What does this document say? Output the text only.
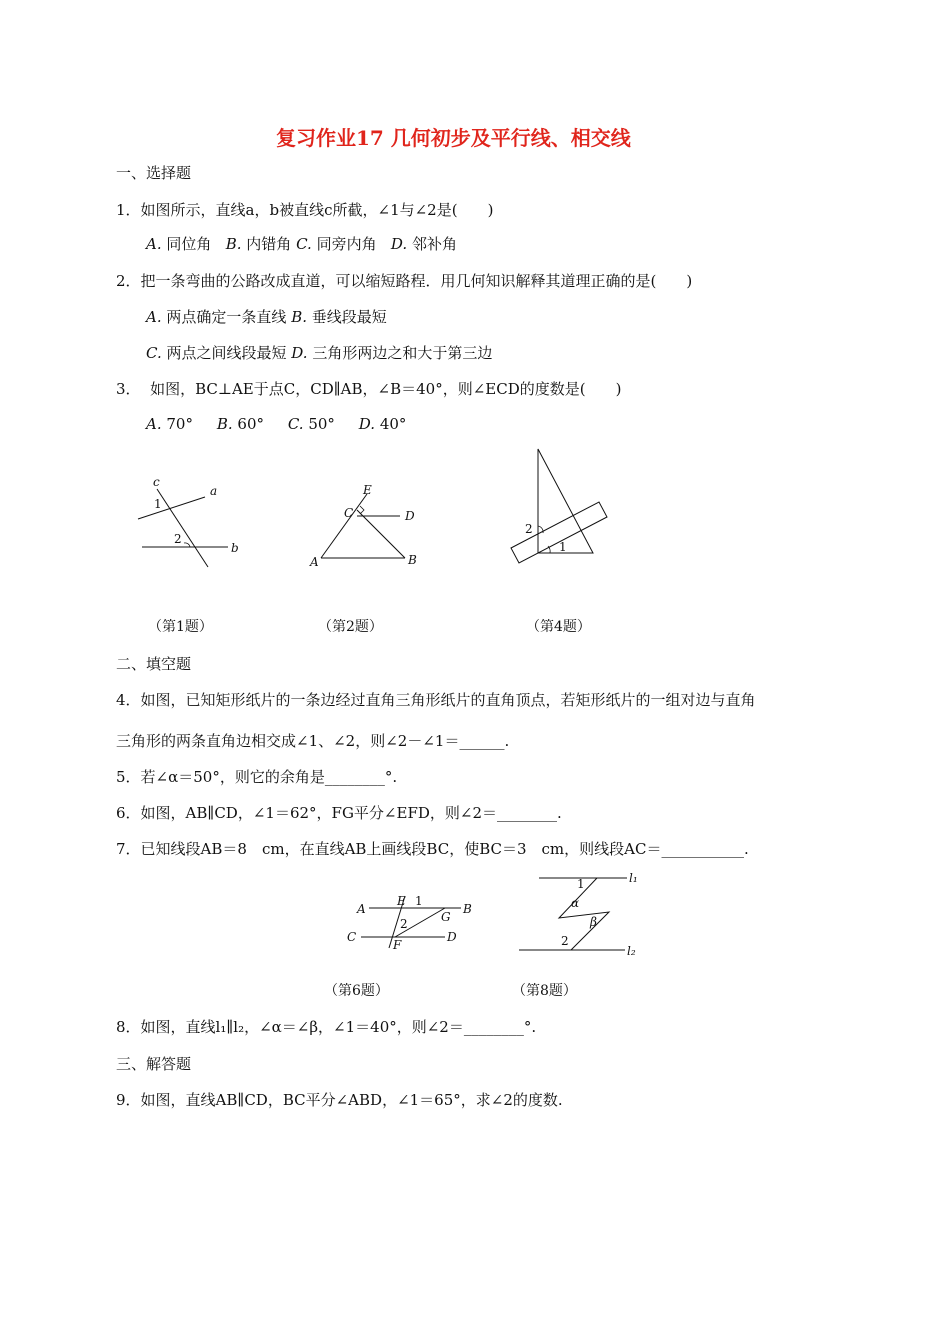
复习作业17 几何初步及平行线、相交线
一、选择题
1．如图所示，直线a，b被直线c所截，∠1与∠2是(　　)
A. 同位角 B. 内错角 C. 同旁内角 D. 邻补角
2．把一条弯曲的公路改成直道，可以缩短路程．用几何知识解释其道理正确的是(　　)
A. 两点确定一条直线 B. 垂线段最短
C. 两点之间线段最短 D. 三角形两边之和大于第三边
3． 如图，BC⊥AE于点C，CD∥AB，∠B＝40°，则∠ECD的度数是(　　)
A. 70° B. 60° C. 50° D. 40°
c
a
b
1
2
E
C	D
A	B
2
1
（第1题）	（第2题）	（第4题）
二、填空题
4．如图，已知矩形纸片的一条边经过直角三角形纸片的直角顶点，若矩形纸片的一组对边与直角
三角形的两条直角边相交成∠1、∠2，则∠2－∠1＝______.
5．若∠α＝50°，则它的余角是________°.
6．如图，AB∥CD，∠1＝62°，FG平分∠EFD，则∠2＝________.
7．已知线段AB＝8　cm，在直线AB上画线段BC，使BC＝3　cm，则线段AC＝___________.
A
E 1
B
2	G
C
F
D
1	l₁
α
β
2
l₂
（第6题）	（第8题）
8．如图，直线l₁∥l₂，∠α＝∠β，∠1＝40°，则∠2＝________°.
三、解答题
9．如图，直线AB∥CD，BC平分∠ABD，∠1＝65°，求∠2的度数.
